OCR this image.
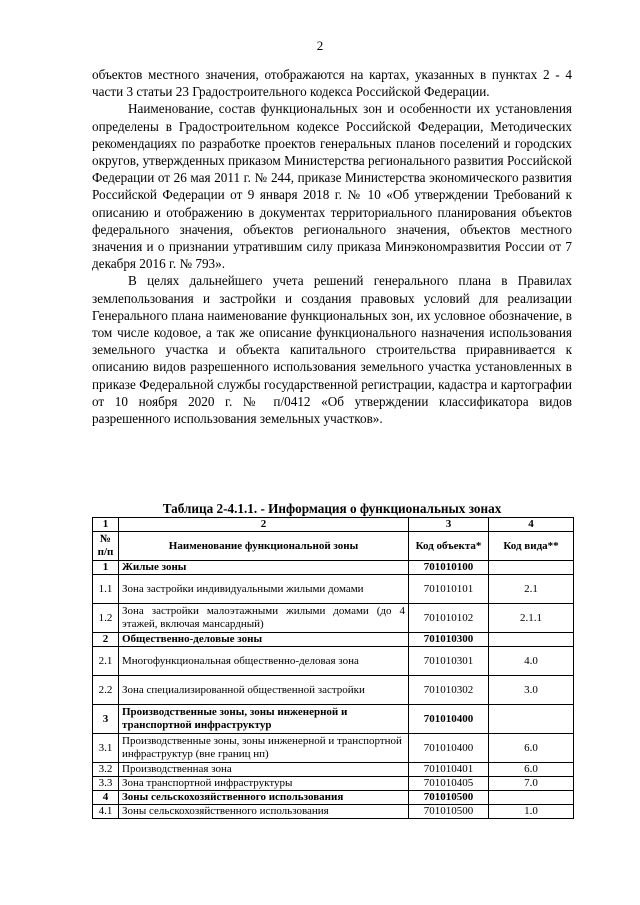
2

объектов местного значения, отображаются на картах, указанных в пунктах 2 - 4 части 3 статьи 23 Градостроительного кодекса Российской Федерации.

Наименование, состав функциональных зон и особенности их установления определены в Градостроительном кодексе Российской Федерации, Методических рекомендациях по разработке проектов генеральных планов поселений и городских округов, утвержденных приказом Министерства регионального развития Российской Федерации от 26 мая 2011 г. № 244, приказе Министерства экономического развития Российской Федерации от 9 января 2018 г. № 10 «Об утверждении Требований к описанию и отображению в документах территориального планирования объектов федерального значения, объектов регионального значения, объектов местного значения и о признании утратившим силу приказа Минэкономразвития России от 7 декабря 2016 г. № 793».

В целях дальнейшего учета решений генерального плана в Правилах землепользования и застройки и создания правовых условий для реализации Генерального плана наименование функциональных зон, их условное обозначение, в том числе кодовое, а так же описание функционального назначения использования земельного участка и объекта капитального строительства приравнивается к описанию видов разрешенного использования земельного участка установленных в приказе Федеральной службы государственной регистрации, кадастра и картографии от 10 ноября 2020 г. № п/0412 «Об утверждении классификатора видов разрешенного использования земельных участков».

Таблица 2-4.1.1. - Информация о функциональных зонах
1	2	3	4
№ п/п	Наименование функциональной зоны	Код объекта*	Код вида**
1	Жилые зоны	701010100	
1.1	Зона застройки индивидуальными жилыми домами	701010101	2.1
1.2	Зона застройки малоэтажными жилыми домами (до 4 этажей, включая мансардный)	701010102	2.1.1
2	Общественно-деловые зоны	701010300	
2.1	Многофункциональная общественно-деловая зона	701010301	4.0
2.2	Зона специализированной общественной застройки	701010302	3.0
3	Производственные зоны, зоны инженерной и транспортной инфраструктур	701010400	
3.1	Производственные зоны, зоны инженерной и транспортной инфраструктур (вне границ нп)	701010400	6.0
3.2	Производственная зона	701010401	6.0
3.3	Зона транспортной инфраструктуры	701010405	7.0
4	Зоны сельскохозяйственного использования	701010500	
4.1	Зоны сельскохозяйственного использования	701010500	1.0
